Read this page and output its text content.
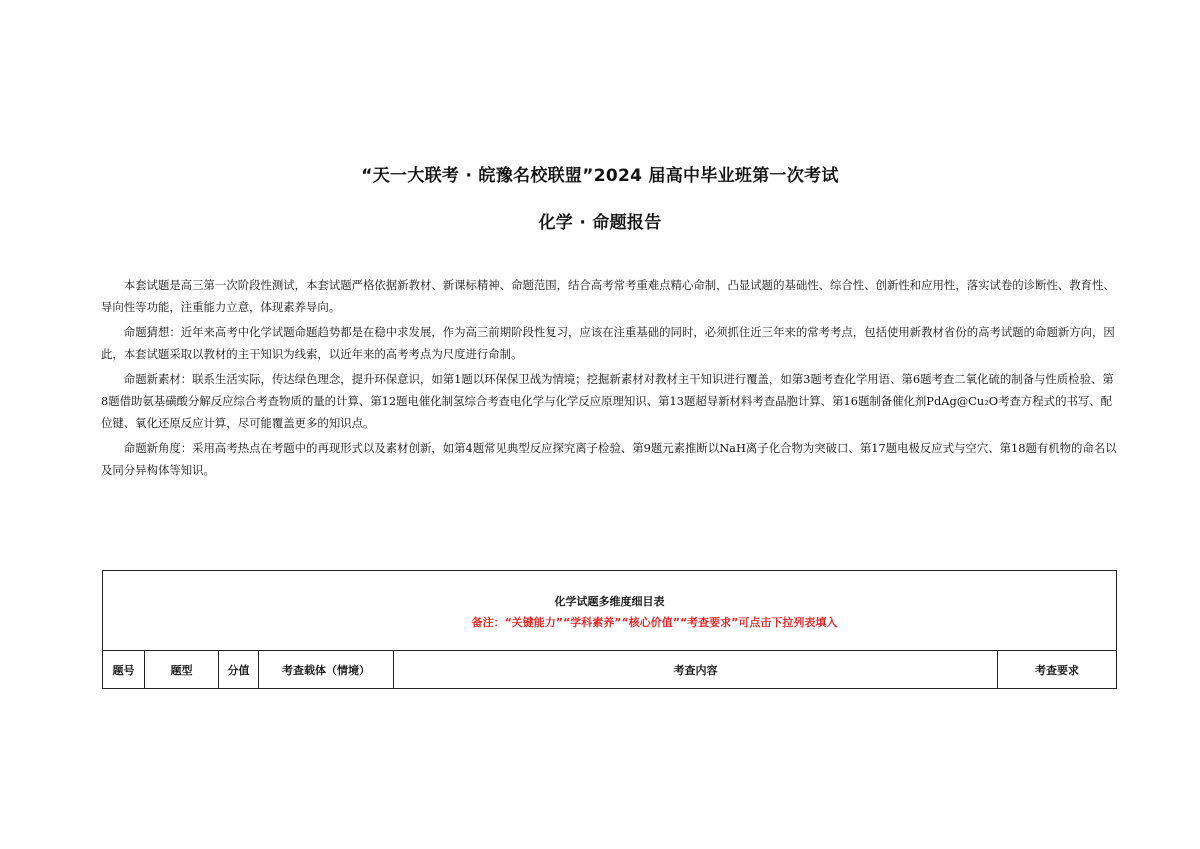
“天一大联考 · 皖豫名校联盟”2024 届高中毕业班第一次考试
化学 · 命题报告

本套试题是高三第一次阶段性测试，本套试题严格依据新教材、新课标精神、命题范围，结合高考常考重难点精心命制，凸显试题的基础性、综合性、创新性和应用性，落实试卷的诊断性、教育性、导向性等功能，注重能力立意，体现素养导向。

命题猜想：近年来高考中化学试题命题趋势都是在稳中求发展，作为高三前期阶段性复习，应该在注重基础的同时，必须抓住近三年来的常考考点，包括使用新教材省份的高考试题的命题新方向，因此，本套试题采取以教材的主干知识为线索，以近年来的高考考点为尺度进行命制。

命题新素材：联系生活实际，传达绿色理念，提升环保意识，如第1题以环保保卫战为情境；挖掘新素材对教材主干知识进行覆盖，如第3题考查化学用语、第6题考查二氧化硫的制备与性质检验、第8题借助氨基磺酸分解反应综合考查物质的量的计算、第12题电催化制氢综合考查电化学与化学反应原理知识、第13题超导新材料考查晶胞计算、第16题制备催化剂PdAg@Cu₂O考查方程式的书写、配位键、氧化还原反应计算，尽可能覆盖更多的知识点。

命题新角度：采用高考热点在考题中的再现形式以及素材创新，如第4题常见典型反应探究离子检验、第9题元素推断以NaH离子化合物为突破口、第17题电极反应式与空穴、第18题有机物的命名以及同分异构体等知识。

化学试题多维度细目表
备注：“关键能力”“学科素养”“核心价值”“考查要求”可点击下拉列表填入
题号	题型	分值	考查载体（情境）	考查内容	考查要求
